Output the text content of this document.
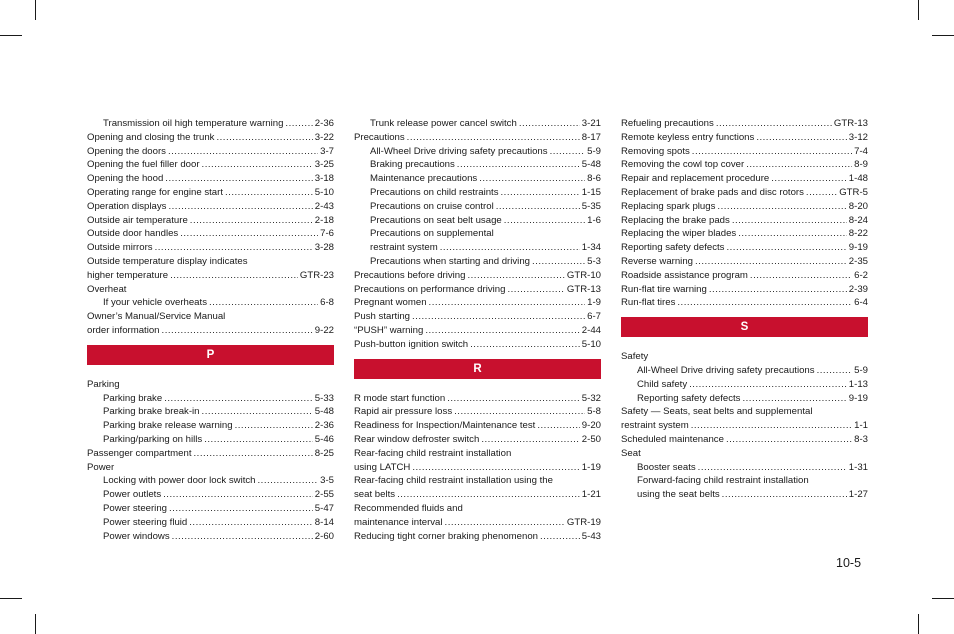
Transmission oil high temperature warning .....	2-36
Opening and closing the trunk .....	3-22
Opening the doors .....	3-7
Opening the fuel filler door .....	3-25
Opening the hood .....	3-18
Operating range for engine start .....	5-10
Operation displays .....	2-43
Outside air temperature .....	2-18
Outside door handles .....	7-6
Outside mirrors .....	3-28
Outside temperature display indicates
higher temperature .....	GTR-23
Overheat
If your vehicle overheats .....	6-8
Owner’s Manual/Service Manual
order information .....	9-22
P
Parking
Parking brake .....	5-33
Parking brake break-in .....	5-48
Parking brake release warning .....	2-36
Parking/parking on hills .....	5-46
Passenger compartment .....	8-25
Power
Locking with power door lock switch .....	3-5
Power outlets .....	2-55
Power steering .....	5-47
Power steering fluid .....	8-14
Power windows .....	2-60
Trunk release power cancel switch .....	3-21
Precautions .....	8-17
All-Wheel Drive driving safety precautions .....	5-9
Braking precautions .....	5-48
Maintenance precautions .....	8-6
Precautions on child restraints .....	1-15
Precautions on cruise control .....	5-35
Precautions on seat belt usage .....	1-6
Precautions on supplemental
restraint system .....	1-34
Precautions when starting and driving .....	5-3
Precautions before driving .....	GTR-10
Precautions on performance driving .....	GTR-13
Pregnant women .....	1-9
Push starting .....	6-7
“PUSH” warning .....	2-44
Push-button ignition switch .....	5-10
R
R mode start function .....	5-32
Rapid air pressure loss .....	5-8
Readiness for Inspection/Maintenance test .....	9-20
Rear window defroster switch .....	2-50
Rear-facing child restraint installation
using LATCH .....	1-19
Rear-facing child restraint installation using the
seat belts .....	1-21
Recommended fluids and
maintenance interval .....	GTR-19
Reducing tight corner braking phenomenon .....	5-43
Refueling precautions .....	GTR-13
Remote keyless entry functions .....	3-12
Removing spots .....	7-4
Removing the cowl top cover .....	8-9
Repair and replacement procedure .....	1-48
Replacement of brake pads and disc rotors .....	GTR-5
Replacing spark plugs .....	8-20
Replacing the brake pads .....	8-24
Replacing the wiper blades .....	8-22
Reporting safety defects .....	9-19
Reverse warning .....	2-35
Roadside assistance program .....	6-2
Run-flat tire warning .....	2-39
Run-flat tires .....	6-4
S
Safety
All-Wheel Drive driving safety precautions .....	5-9
Child safety .....	1-13
Reporting safety defects .....	9-19
Safety — Seats, seat belts and supplemental
restraint system .....	1-1
Scheduled maintenance .....	8-3
Seat
Booster seats .....	1-31
Forward-facing child restraint installation
using the seat belts .....	1-27
10-5
